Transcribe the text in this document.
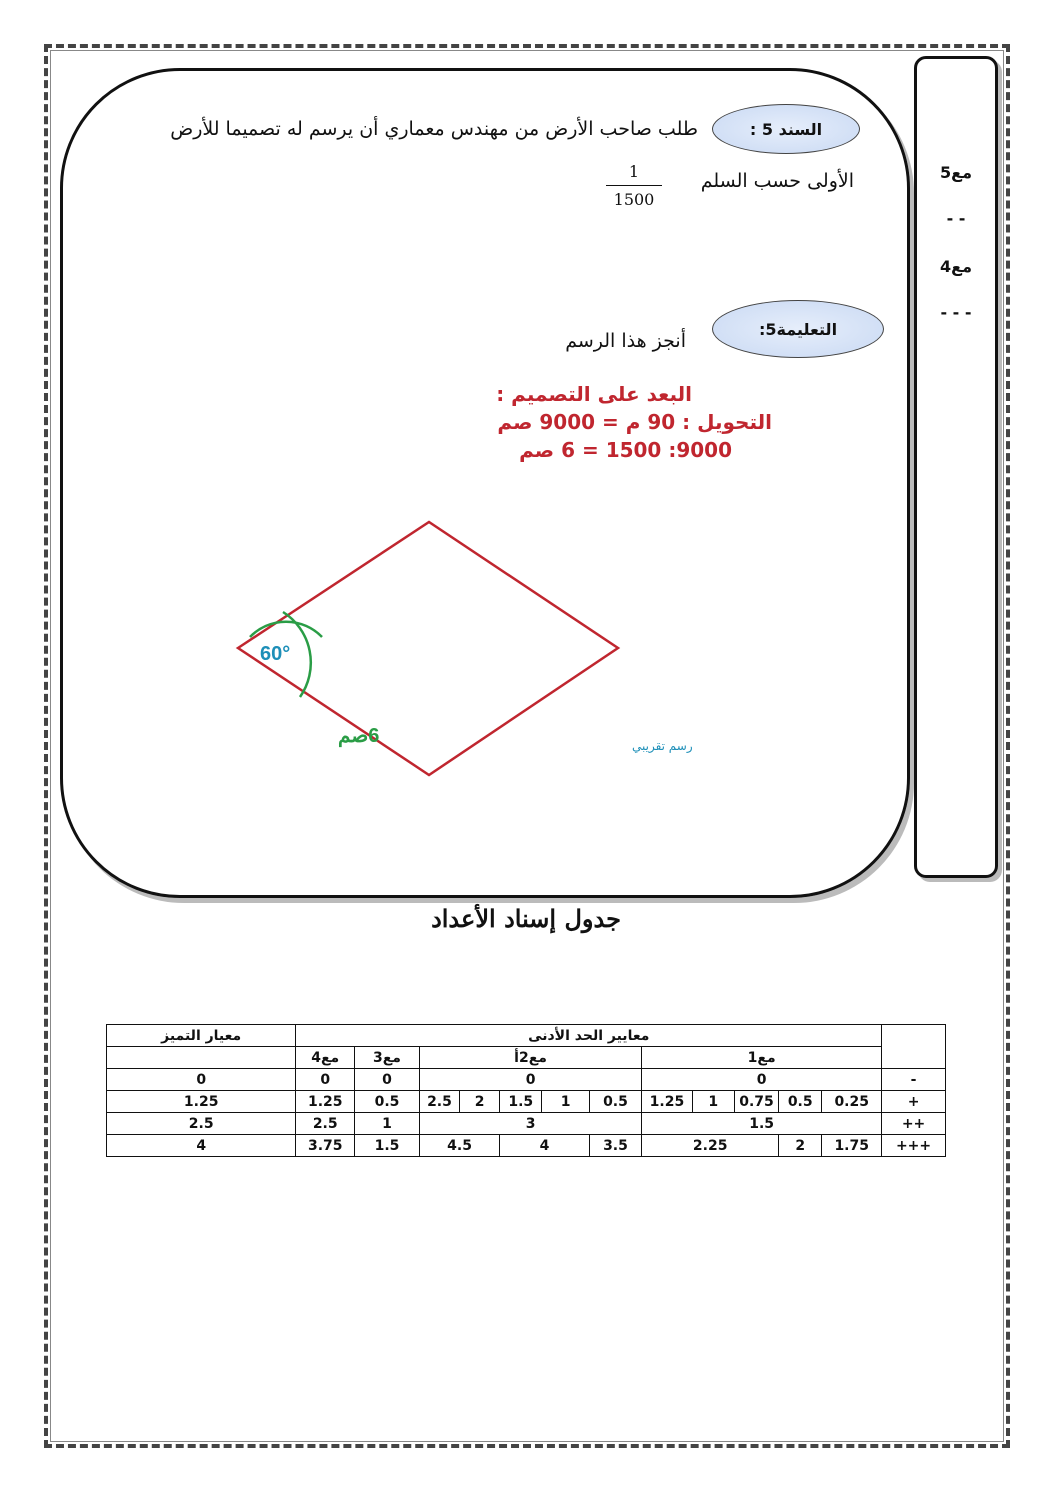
مع5
- -
مع4
- - -
السند 5 :
طلب صاحب الأرض من مهندس معماري أن يرسم له تصميما للأرض
الأولى حسب السلم
$\frac{1}{1500}$
التعليمة5:
أنجز هذا الرسم
البعد على التصميم :
التحويل : 90 م = 9000 صم
9000: 1500 = 6 صم
60°
6صم	رسم تقريبي
جدول إسناد الأعداد
معيار التميز	معايير الحد الأدنى												
	مع4	مع3	مع2أ					مع1					
0	0	0	0					0					-
1.25	1.25	0.5	2.5	2	1.5	1	0.5	1.25	1	0.75	0.5	0.25	+
2.5	2.5	1	3					1.5					++
4	3.75	1.5	4.5		4		3.5	2.25			2	1.75	+++
